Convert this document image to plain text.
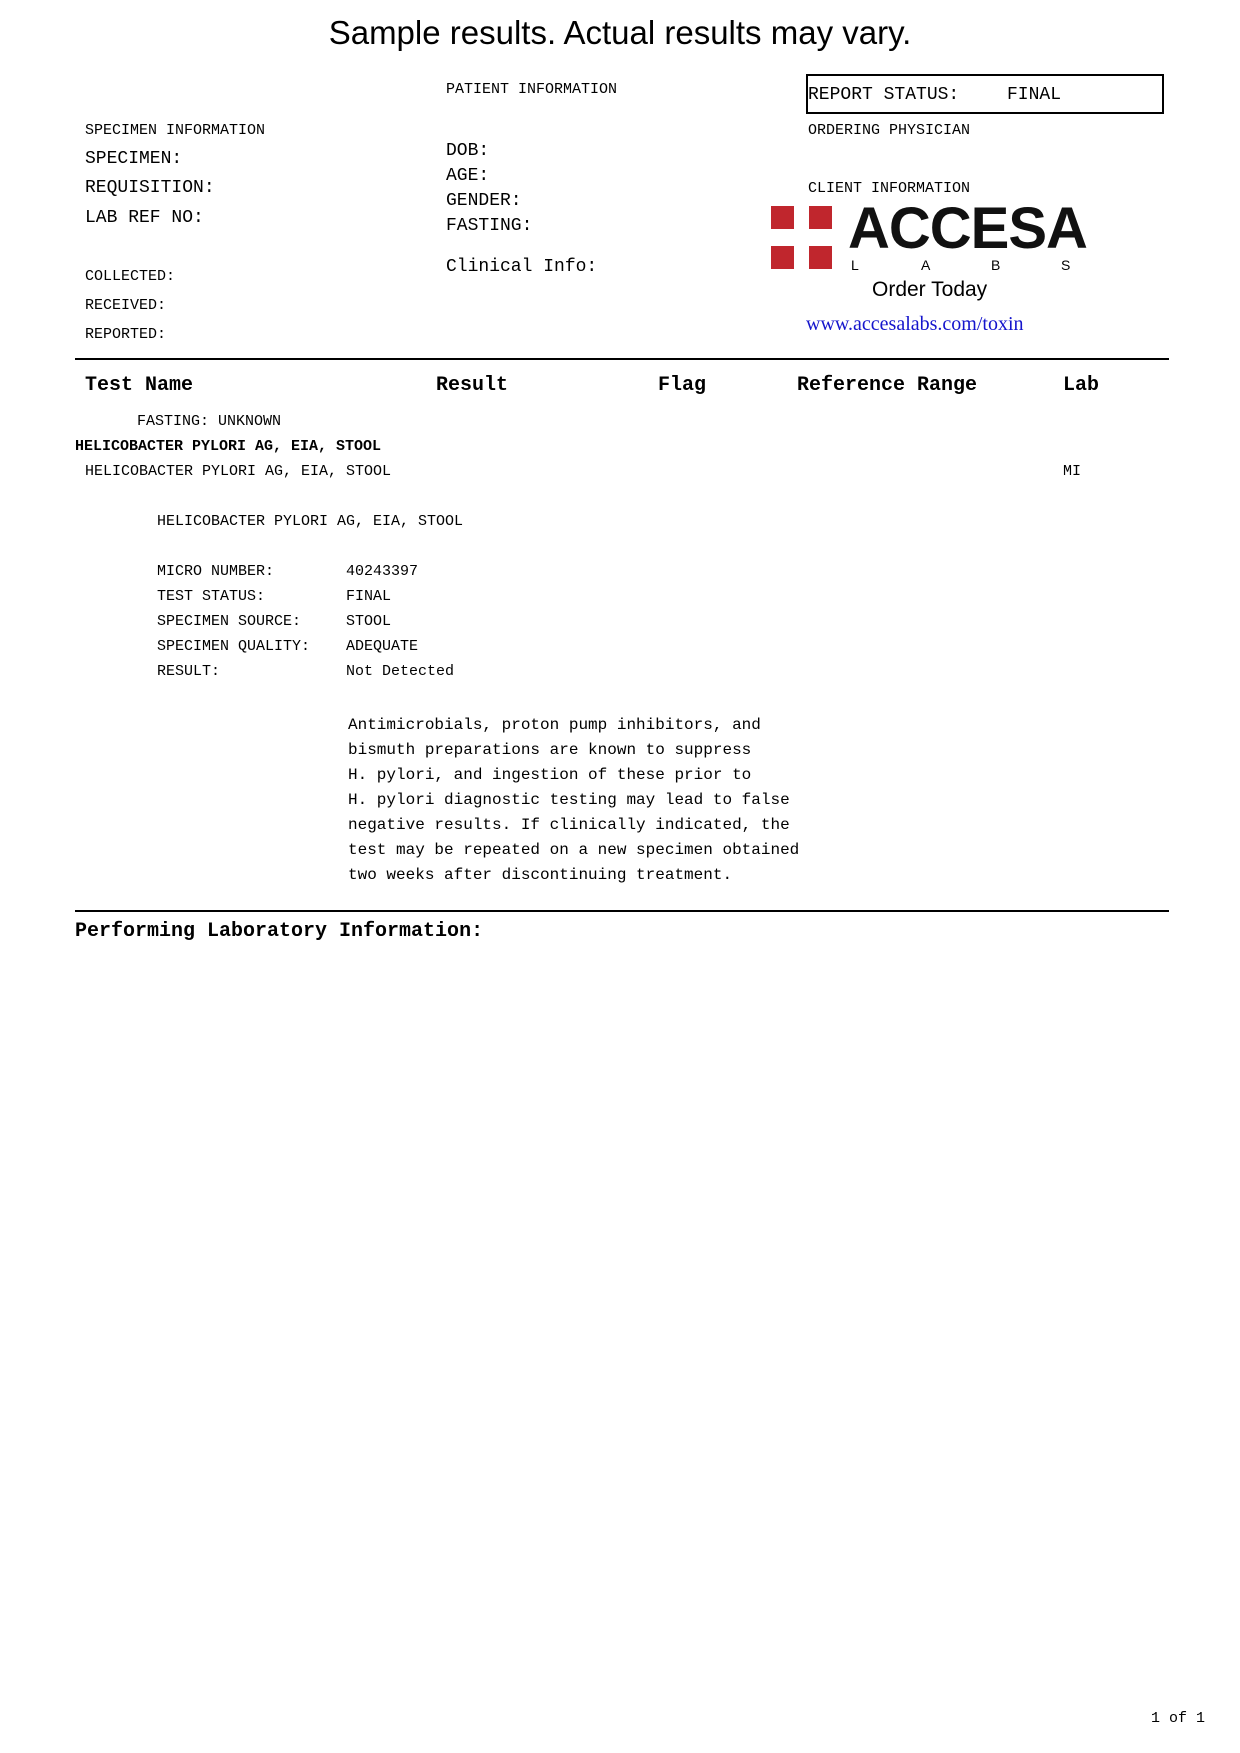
Sample results. Actual results may vary.
SPECIMEN INFORMATION
SPECIMEN:
REQUISITION:
LAB REF NO:
COLLECTED:
RECEIVED:
REPORTED:
PATIENT INFORMATION
DOB:
AGE:
GENDER:
FASTING:
Clinical Info:
REPORT STATUS:	FINAL
ORDERING PHYSICIAN
CLIENT INFORMATION
ACCESA
L	A	B	S
Order Today
www.accesalabs.com/toxin
Test Name	Result	Flag	Reference Range	Lab
FASTING: UNKNOWN
HELICOBACTER PYLORI AG, EIA, STOOL
HELICOBACTER PYLORI AG, EIA, STOOL	MI
HELICOBACTER PYLORI AG, EIA, STOOL
MICRO NUMBER:	40243397
TEST STATUS:	FINAL
SPECIMEN SOURCE:	STOOL
SPECIMEN QUALITY: ADEQUATE
RESULT:	Not Detected
Antimicrobials, proton pump inhibitors, and
bismuth preparations are known to suppress
H. pylori, and ingestion of these prior to
H. pylori diagnostic testing may lead to false
negative results. If clinically indicated, the
test may be repeated on a new specimen obtained
two weeks after discontinuing treatment.
Performing Laboratory Information:
1 of 1
